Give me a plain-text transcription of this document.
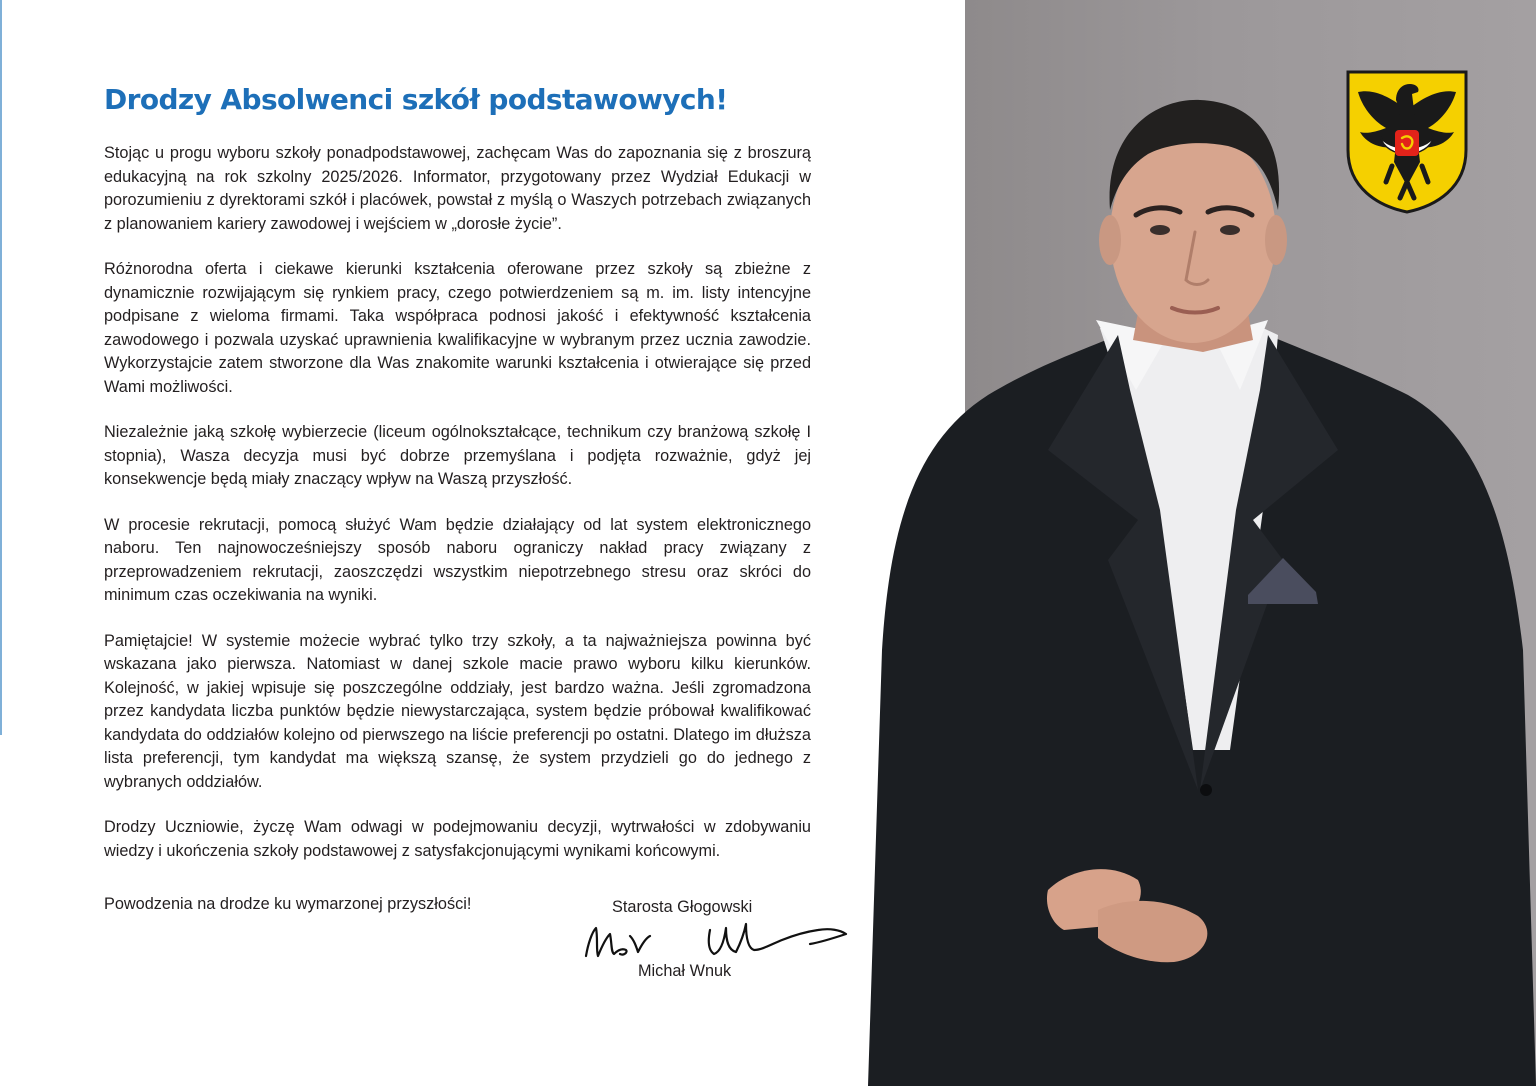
Drodzy Absolwenci szkół podstawowych!

Stojąc u progu wyboru szkoły ponadpodstawowej, zachęcam Was do zapoznania się z broszurą edukacyjną na rok szkolny 2025/2026. Informator, przygotowany przez Wydział Edukacji w porozumieniu z dyrektorami szkół i placówek, powstał z myślą o Waszych potrzebach związanych z planowaniem kariery zawodowej i wejściem w „dorosłe życie”.

Różnorodna oferta i ciekawe kierunki kształcenia oferowane przez szkoły są zbieżne z dynamicznie rozwijającym się rynkiem pracy, czego potwierdzeniem są m. im. listy intencyjne podpisane z wieloma firmami. Taka współpraca podnosi jakość i efektywność kształcenia zawodowego i pozwala uzyskać uprawnienia kwalifikacyjne w wybranym przez ucznia zawodzie. Wykorzystajcie zatem stworzone dla Was znakomite warunki kształcenia i otwierające się przed Wami możliwości.

Niezależnie jaką szkołę wybierzecie (liceum ogólnokształcące, technikum czy branżową szkołę I stopnia), Wasza decyzja musi być dobrze przemyślana i podjęta rozważnie, gdyż jej konsekwencje będą miały znaczący wpływ na Waszą przyszłość.

W procesie rekrutacji, pomocą służyć Wam będzie działający od lat system elektronicznego naboru. Ten najnowocześniejszy sposób naboru ograniczy nakład pracy związany z przeprowadzeniem rekrutacji, zaoszczędzi wszystkim niepotrzebnego stresu oraz skróci do minimum czas oczekiwania na wyniki.

Pamiętajcie! W systemie możecie wybrać tylko trzy szkoły, a ta najważniejsza powinna być wskazana jako pierwsza. Natomiast w danej szkole macie prawo wyboru kilku kierunków. Kolejność, w jakiej wpisuje się poszczególne oddziały, jest bardzo ważna. Jeśli zgromadzona przez kandydata liczba punktów będzie niewystarczająca, system będzie próbował kwalifikować kandydata do oddziałów kolejno od pierwszego na liście preferencji po ostatni. Dlatego im dłuższa lista preferencji, tym kandydat ma większą szansę, że system przydzieli go do jednego z wybranych oddziałów.

Drodzy Uczniowie, życzę Wam odwagi w podejmowaniu decyzji, wytrwałości w zdobywaniu wiedzy i ukończenia szkoły podstawowej z satysfakcjonującymi wynikami końcowymi.

Powodzenia na drodze ku wymarzonej przyszłości!	Starosta Głogowski
Michał Wnuk
